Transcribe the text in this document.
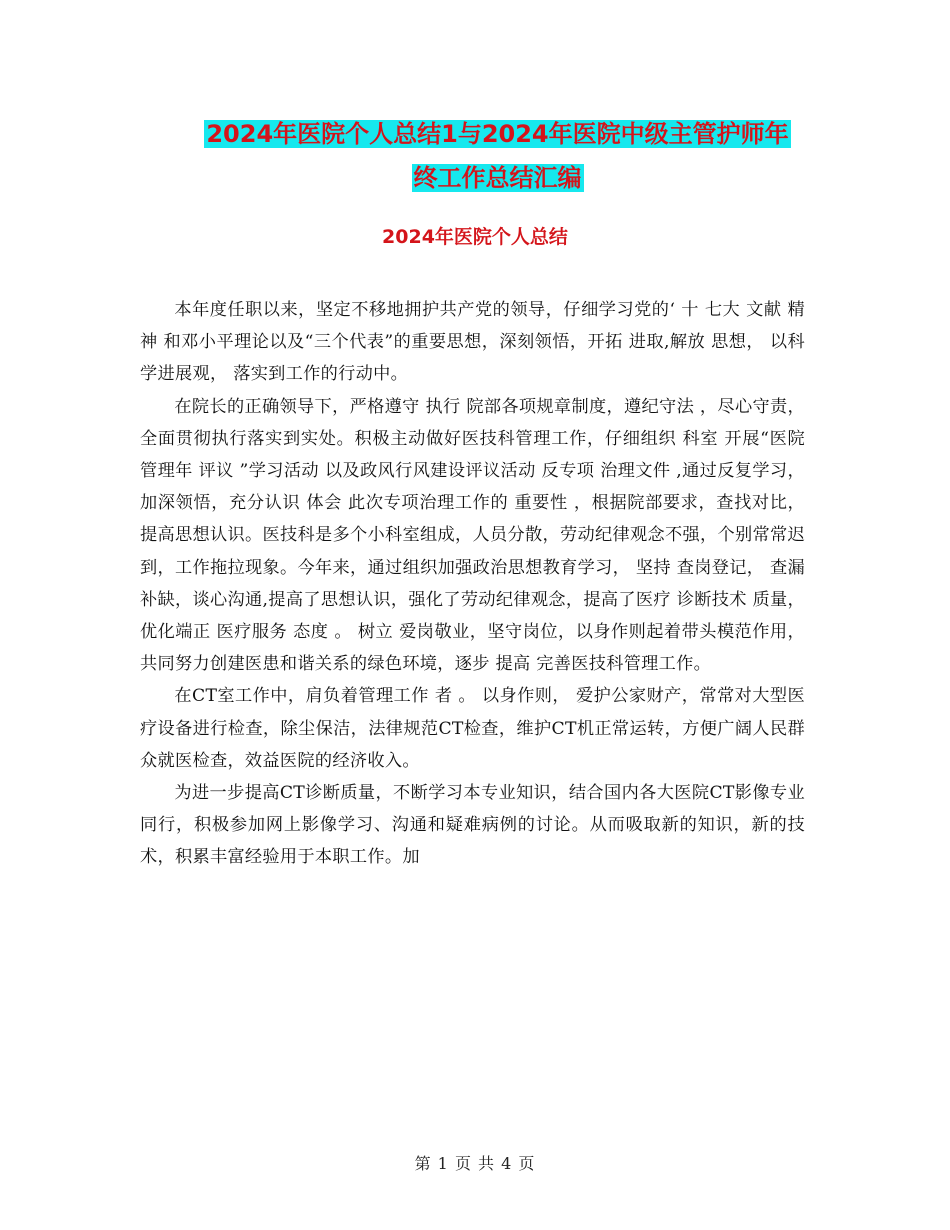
2024年医院个人总结1与2024年医院中级主管护师年
终工作总结汇编
2024年医院个人总结

本年度任职以来，坚定不移地拥护共产党的领导，仔细学习党的‘ 十 七大 文献 精神 和邓小平理论以及“三个代表”的重要思想，深刻领悟，开拓 进取,解放 思想， 以科学进展观， 落实到工作的行动中。

在院长的正确领导下，严格遵守 执行 院部各项规章制度，遵纪守法 ，尽心守责，全面贯彻执行落实到实处。积极主动做好医技科管理工作，仔细组织 科室 开展“医院管理年 评议 ”学习活动 以及政风行风建设评议活动 反专项 治理文件 ,通过反复学习，加深领悟，充分认识 体会 此次专项治理工作的 重要性 ，根据院部要求，查找对比，提高思想认识。医技科是多个小科室组成，人员分散，劳动纪律观念不强，个别常常迟到，工作拖拉现象。今年来，通过组织加强政治思想教育学习， 坚持 查岗登记， 查漏补缺，谈心沟通,提高了思想认识，强化了劳动纪律观念，提高了医疗 诊断技术 质量，优化端正 医疗服务 态度 。 树立 爱岗敬业，坚守岗位，以身作则起着带头模范作用，共同努力创建医患和谐关系的绿色环境，逐步 提高 完善医技科管理工作。

在CT室工作中，肩负着管理工作 者 。 以身作则， 爱护公家财产，常常对大型医疗设备进行检查，除尘保洁，法律规范CT检查，维护CT机正常运转，方便广阔人民群众就医检查，效益医院的经济收入。

为进一步提高CT诊断质量，不断学习本专业知识，结合国内各大医院CT影像专业同行，积极参加网上影像学习、沟通和疑难病例的讨论。从而吸取新的知识，新的技术，积累丰富经验用于本职工作。加

第 1 页 共 4 页
